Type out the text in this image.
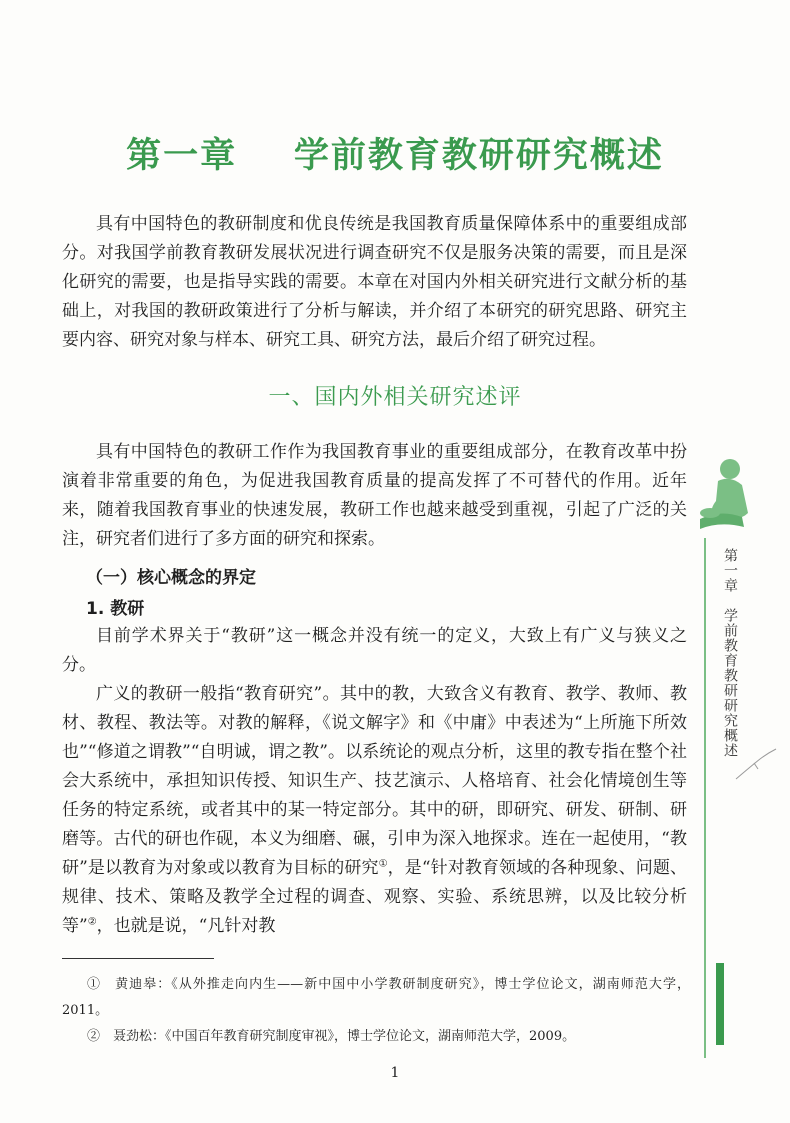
第一章    学前教育教研研究概述

具有中国特色的教研制度和优良传统是我国教育质量保障体系中的重要组成部分。对我国学前教育教研发展状况进行调查研究不仅是服务决策的需要，而且是深化研究的需要，也是指导实践的需要。本章在对国内外相关研究进行文献分析的基础上，对我国的教研政策进行了分析与解读，并介绍了本研究的研究思路、研究主要内容、研究对象与样本、研究工具、研究方法，最后介绍了研究过程。

一、国内外相关研究述评

具有中国特色的教研工作作为我国教育事业的重要组成部分，在教育改革中扮演着非常重要的角色，为促进我国教育质量的提高发挥了不可替代的作用。近年来，随着我国教育事业的快速发展，教研工作也越来越受到重视，引起了广泛的关注，研究者们进行了多方面的研究和探索。

（一）核心概念的界定
1. 教研

目前学术界关于“教研”这一概念并没有统一的定义，大致上有广义与狭义之分。

广义的教研一般指“教育研究”。其中的教，大致含义有教育、教学、教师、教材、教程、教法等。对教的解释，《说文解字》和《中庸》中表述为“上所施下所效也”“修道之谓教”“自明诚，谓之教”。以系统论的观点分析，这里的教专指在整个社会大系统中，承担知识传授、知识生产、技艺演示、人格培育、社会化情境创生等任务的特定系统，或者其中的某一特定部分。其中的研，即研究、研发、研制、研磨等。古代的研也作砚，本义为细磨、碾，引申为深入地探求。连在一起使用，“教研”是以教育为对象或以教育为目标的研究①，是“针对教育领域的各种现象、问题、规律、技术、策略及教学全过程的调查、观察、实验、系统思辨，以及比较分析等”②，也就是说，“凡针对教

①　黄迪皋：《从外推走向内生——新中国中小学教研制度研究》，博士学位论文，湖南师范大学，2011。

②　聂劲松：《中国百年教育研究制度审视》，博士学位论文，湖南师范大学，2009。

1
第一章　学前教育教研研究概述
